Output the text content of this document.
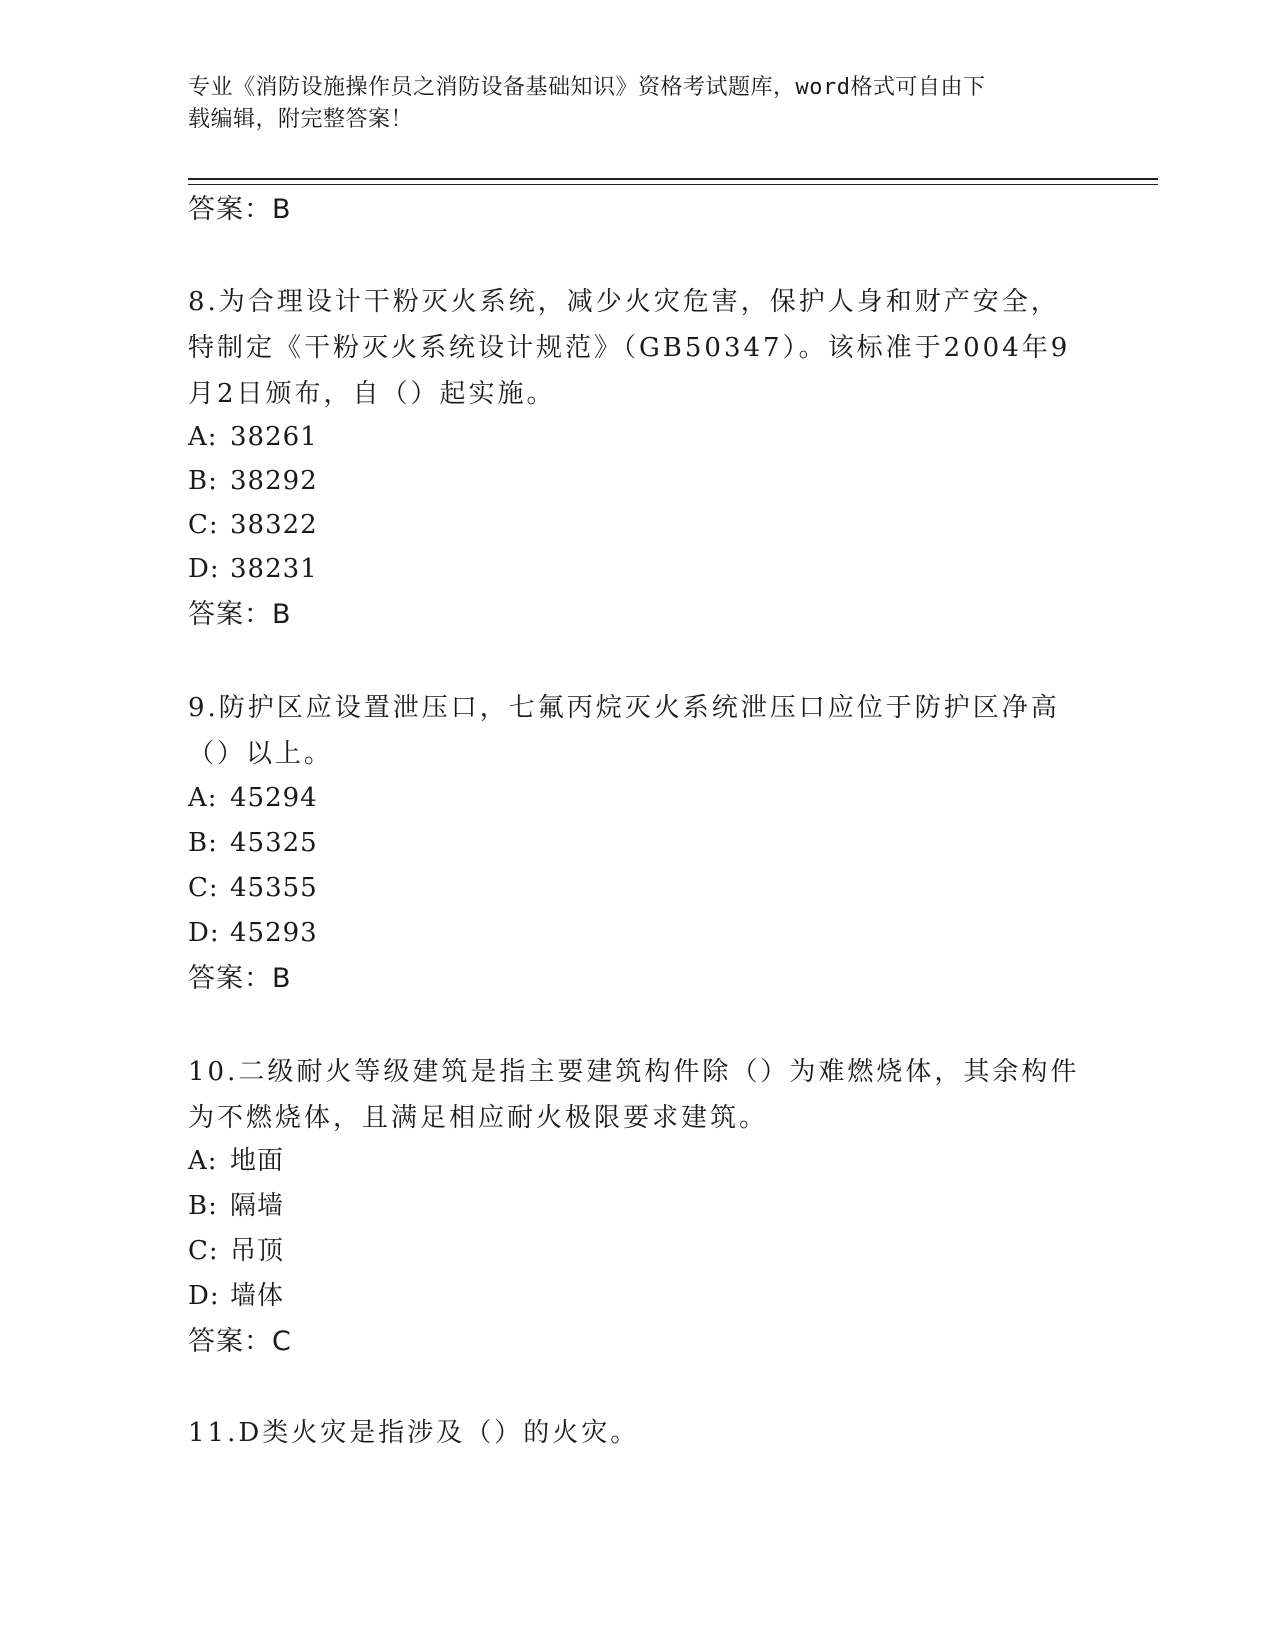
专业《消防设施操作员之消防设备基础知识》资格考试题库，word格式可自由下
载编辑，附完整答案！
答案：B
8.为合理设计干粉灭火系统，减少火灾危害，保护人身和财产安全，
特制定《干粉灭火系统设计规范》（GB50347）。该标准于2004年9
月2日颁布，自（）起实施。
A: 38261
B: 38292
C: 38322
D: 38231
答案：B
9.防护区应设置泄压口，七氟丙烷灭火系统泄压口应位于防护区净高
（）以上。
A: 45294
B: 45325
C: 45355
D: 45293
答案：B
10.二级耐火等级建筑是指主要建筑构件除（）为难燃烧体，其余构件
为不燃烧体，且满足相应耐火极限要求建筑。
A: 地面
B: 隔墙
C: 吊顶
D: 墙体
答案：C
11.D类火灾是指涉及（）的火灾。
